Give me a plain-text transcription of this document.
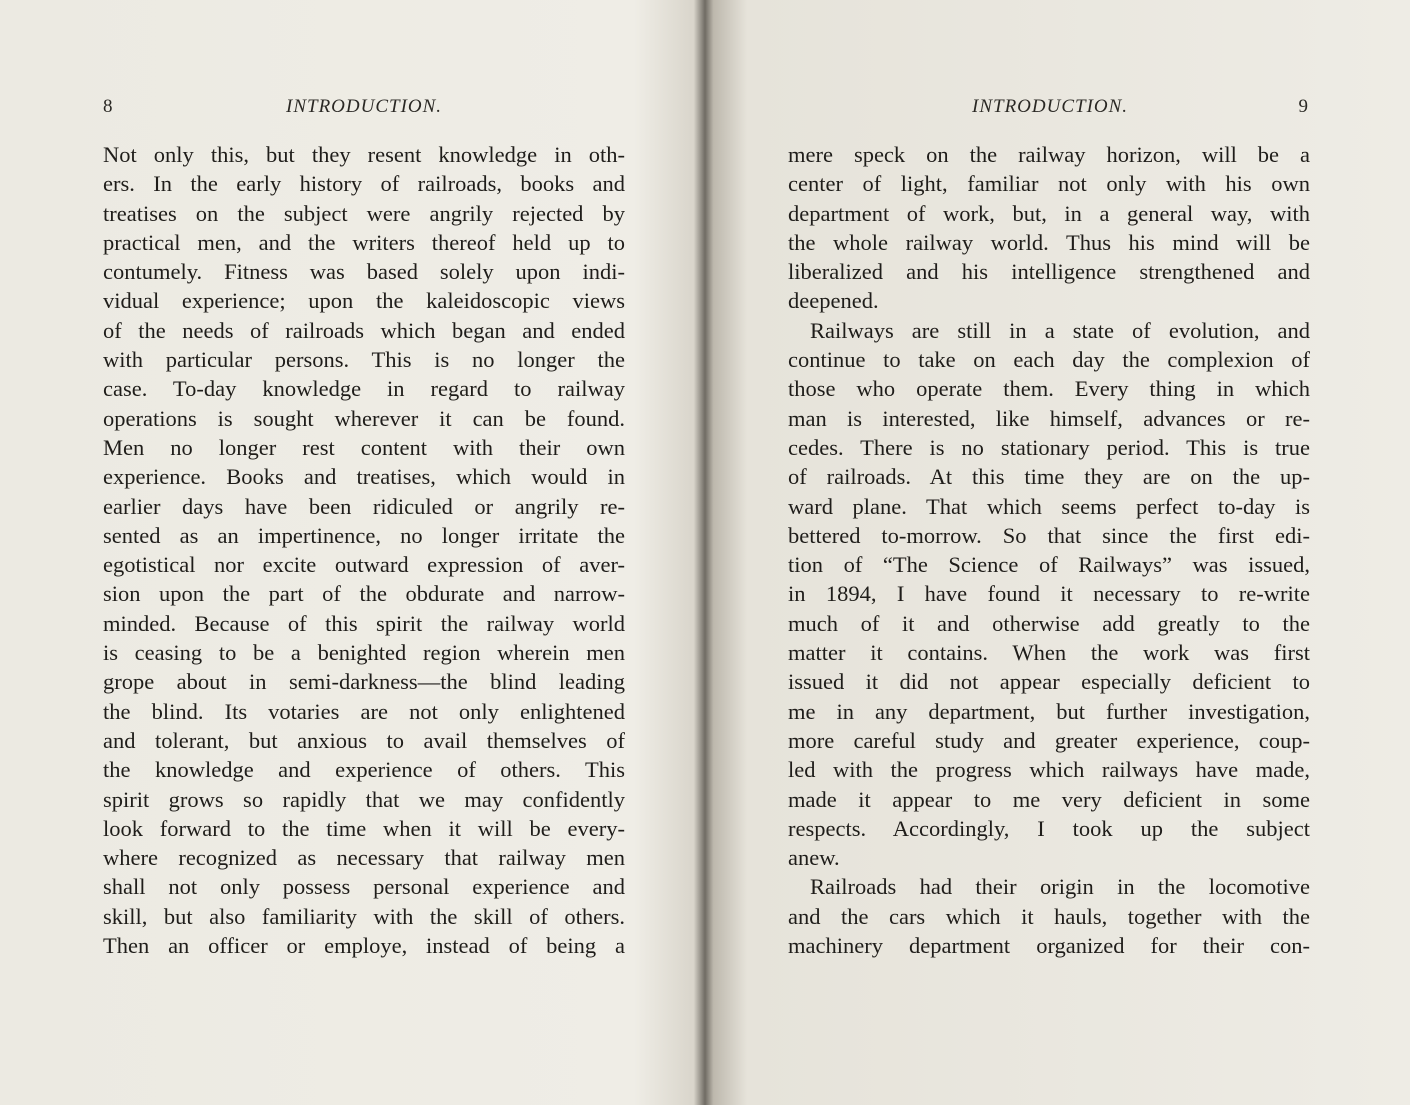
8	INTRODUCTION.
Not only this, but they resent knowledge in oth-
ers. In the early history of railroads, books and
treatises on the subject were angrily rejected by
practical men, and the writers thereof held up to
contumely. Fitness was based solely upon indi-
vidual experience; upon the kaleidoscopic views
of the needs of railroads which began and ended
with particular persons. This is no longer the
case. To-day knowledge in regard to railway
operations is sought wherever it can be found.
Men no longer rest content with their own
experience. Books and treatises, which would in
earlier days have been ridiculed or angrily re-
sented as an impertinence, no longer irritate the
egotistical nor excite outward expression of aver-
sion upon the part of the obdurate and narrow-
minded. Because of this spirit the railway world
is ceasing to be a benighted region wherein men
grope about in semi-darkness—the blind leading
the blind. Its votaries are not only enlightened
and tolerant, but anxious to avail themselves of
the knowledge and experience of others. This
spirit grows so rapidly that we may confidently
look forward to the time when it will be every-
where recognized as necessary that railway men
shall not only possess personal experience and
skill, but also familiarity with the skill of others.
Then an officer or employe, instead of being a
INTRODUCTION.	9
mere speck on the railway horizon, will be a
center of light, familiar not only with his own
department of work, but, in a general way, with
the whole railway world. Thus his mind will be
liberalized and his intelligence strengthened and
deepened.
Railways are still in a state of evolution, and
continue to take on each day the complexion of
those who operate them. Every thing in which
man is interested, like himself, advances or re-
cedes. There is no stationary period. This is true
of railroads. At this time they are on the up-
ward plane. That which seems perfect to-day is
bettered to-morrow. So that since the first edi-
tion of “The Science of Railways” was issued,
in 1894, I have found it necessary to re-write
much of it and otherwise add greatly to the
matter it contains. When the work was first
issued it did not appear especially deficient to
me in any department, but further investigation,
more careful study and greater experience, coup-
led with the progress which railways have made,
made it appear to me very deficient in some
respects. Accordingly, I took up the subject
anew.
Railroads had their origin in the locomotive
and the cars which it hauls, together with the
machinery department organized for their con-
